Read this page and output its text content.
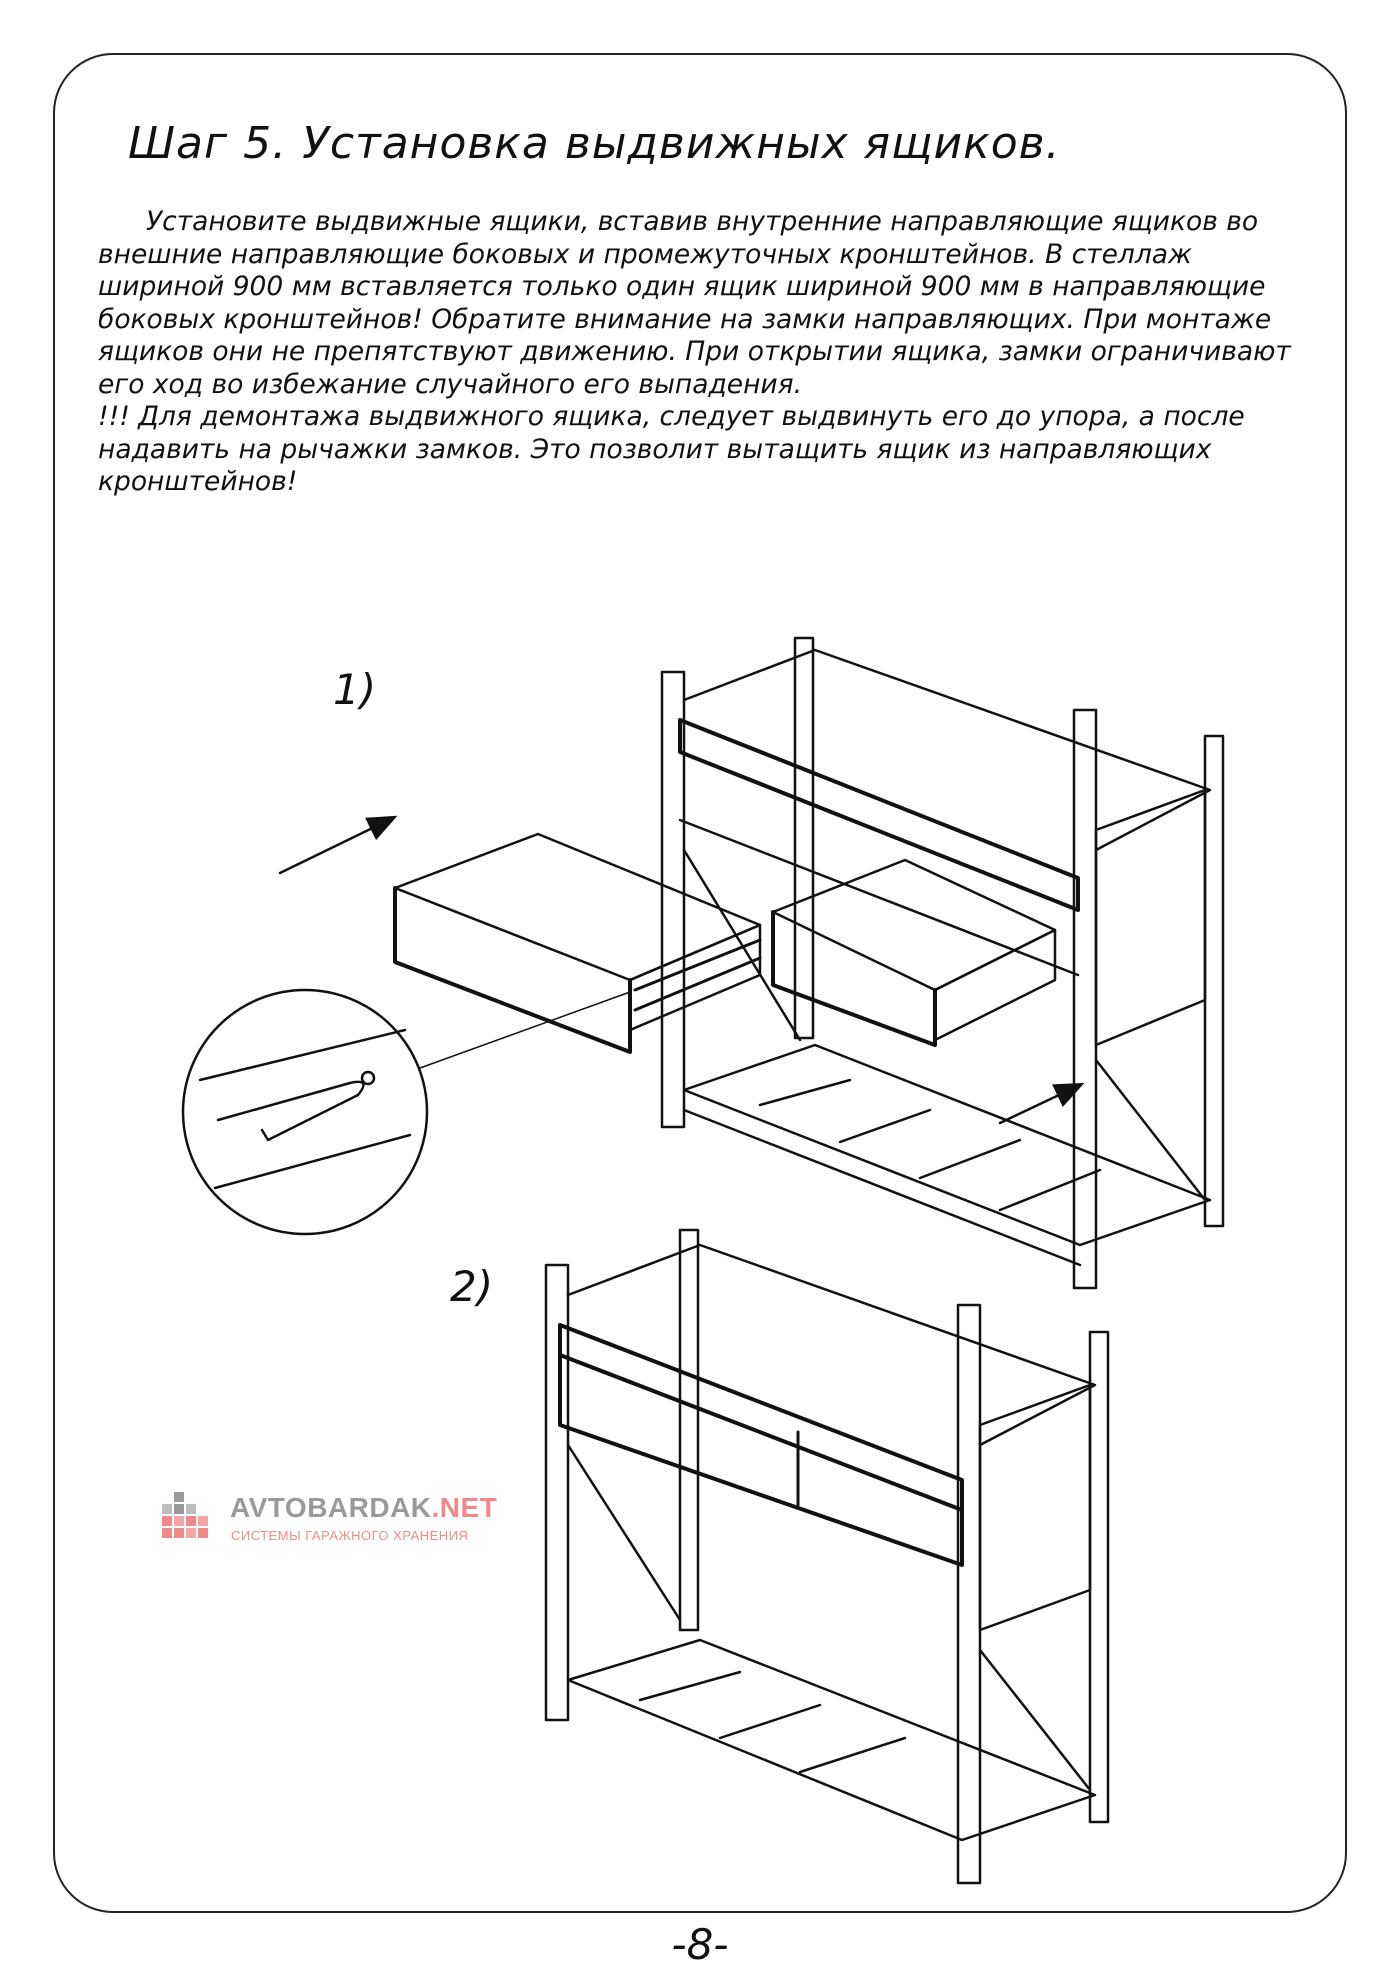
Шаг 5. Установка выдвижных ящиков.

Установите выдвижные ящики, вставив внутренние направляющие ящиков во внешние направляющие боковых и промежуточных кронштейнов. В стеллаж шириной 900 мм вставляется только один ящик шириной 900 мм в направляющие боковых кронштейнов! Обратите внимание на замки направляющих. При монтаже ящиков они не препятствуют движению. При открытии ящика, замки ограничивают его ход во избежание случайного его выпадения.

!!! Для демонтажа выдвижного ящика, следует выдвинуть его до упора, а после надавить на рычажки замков. Это позволит вытащить ящик из направляющих кронштейнов!

1)
2)
AVTOBARDAK.NET
СИСТЕМЫ ГАРАЖНОГО ХРАНЕНИЯ
-8-
